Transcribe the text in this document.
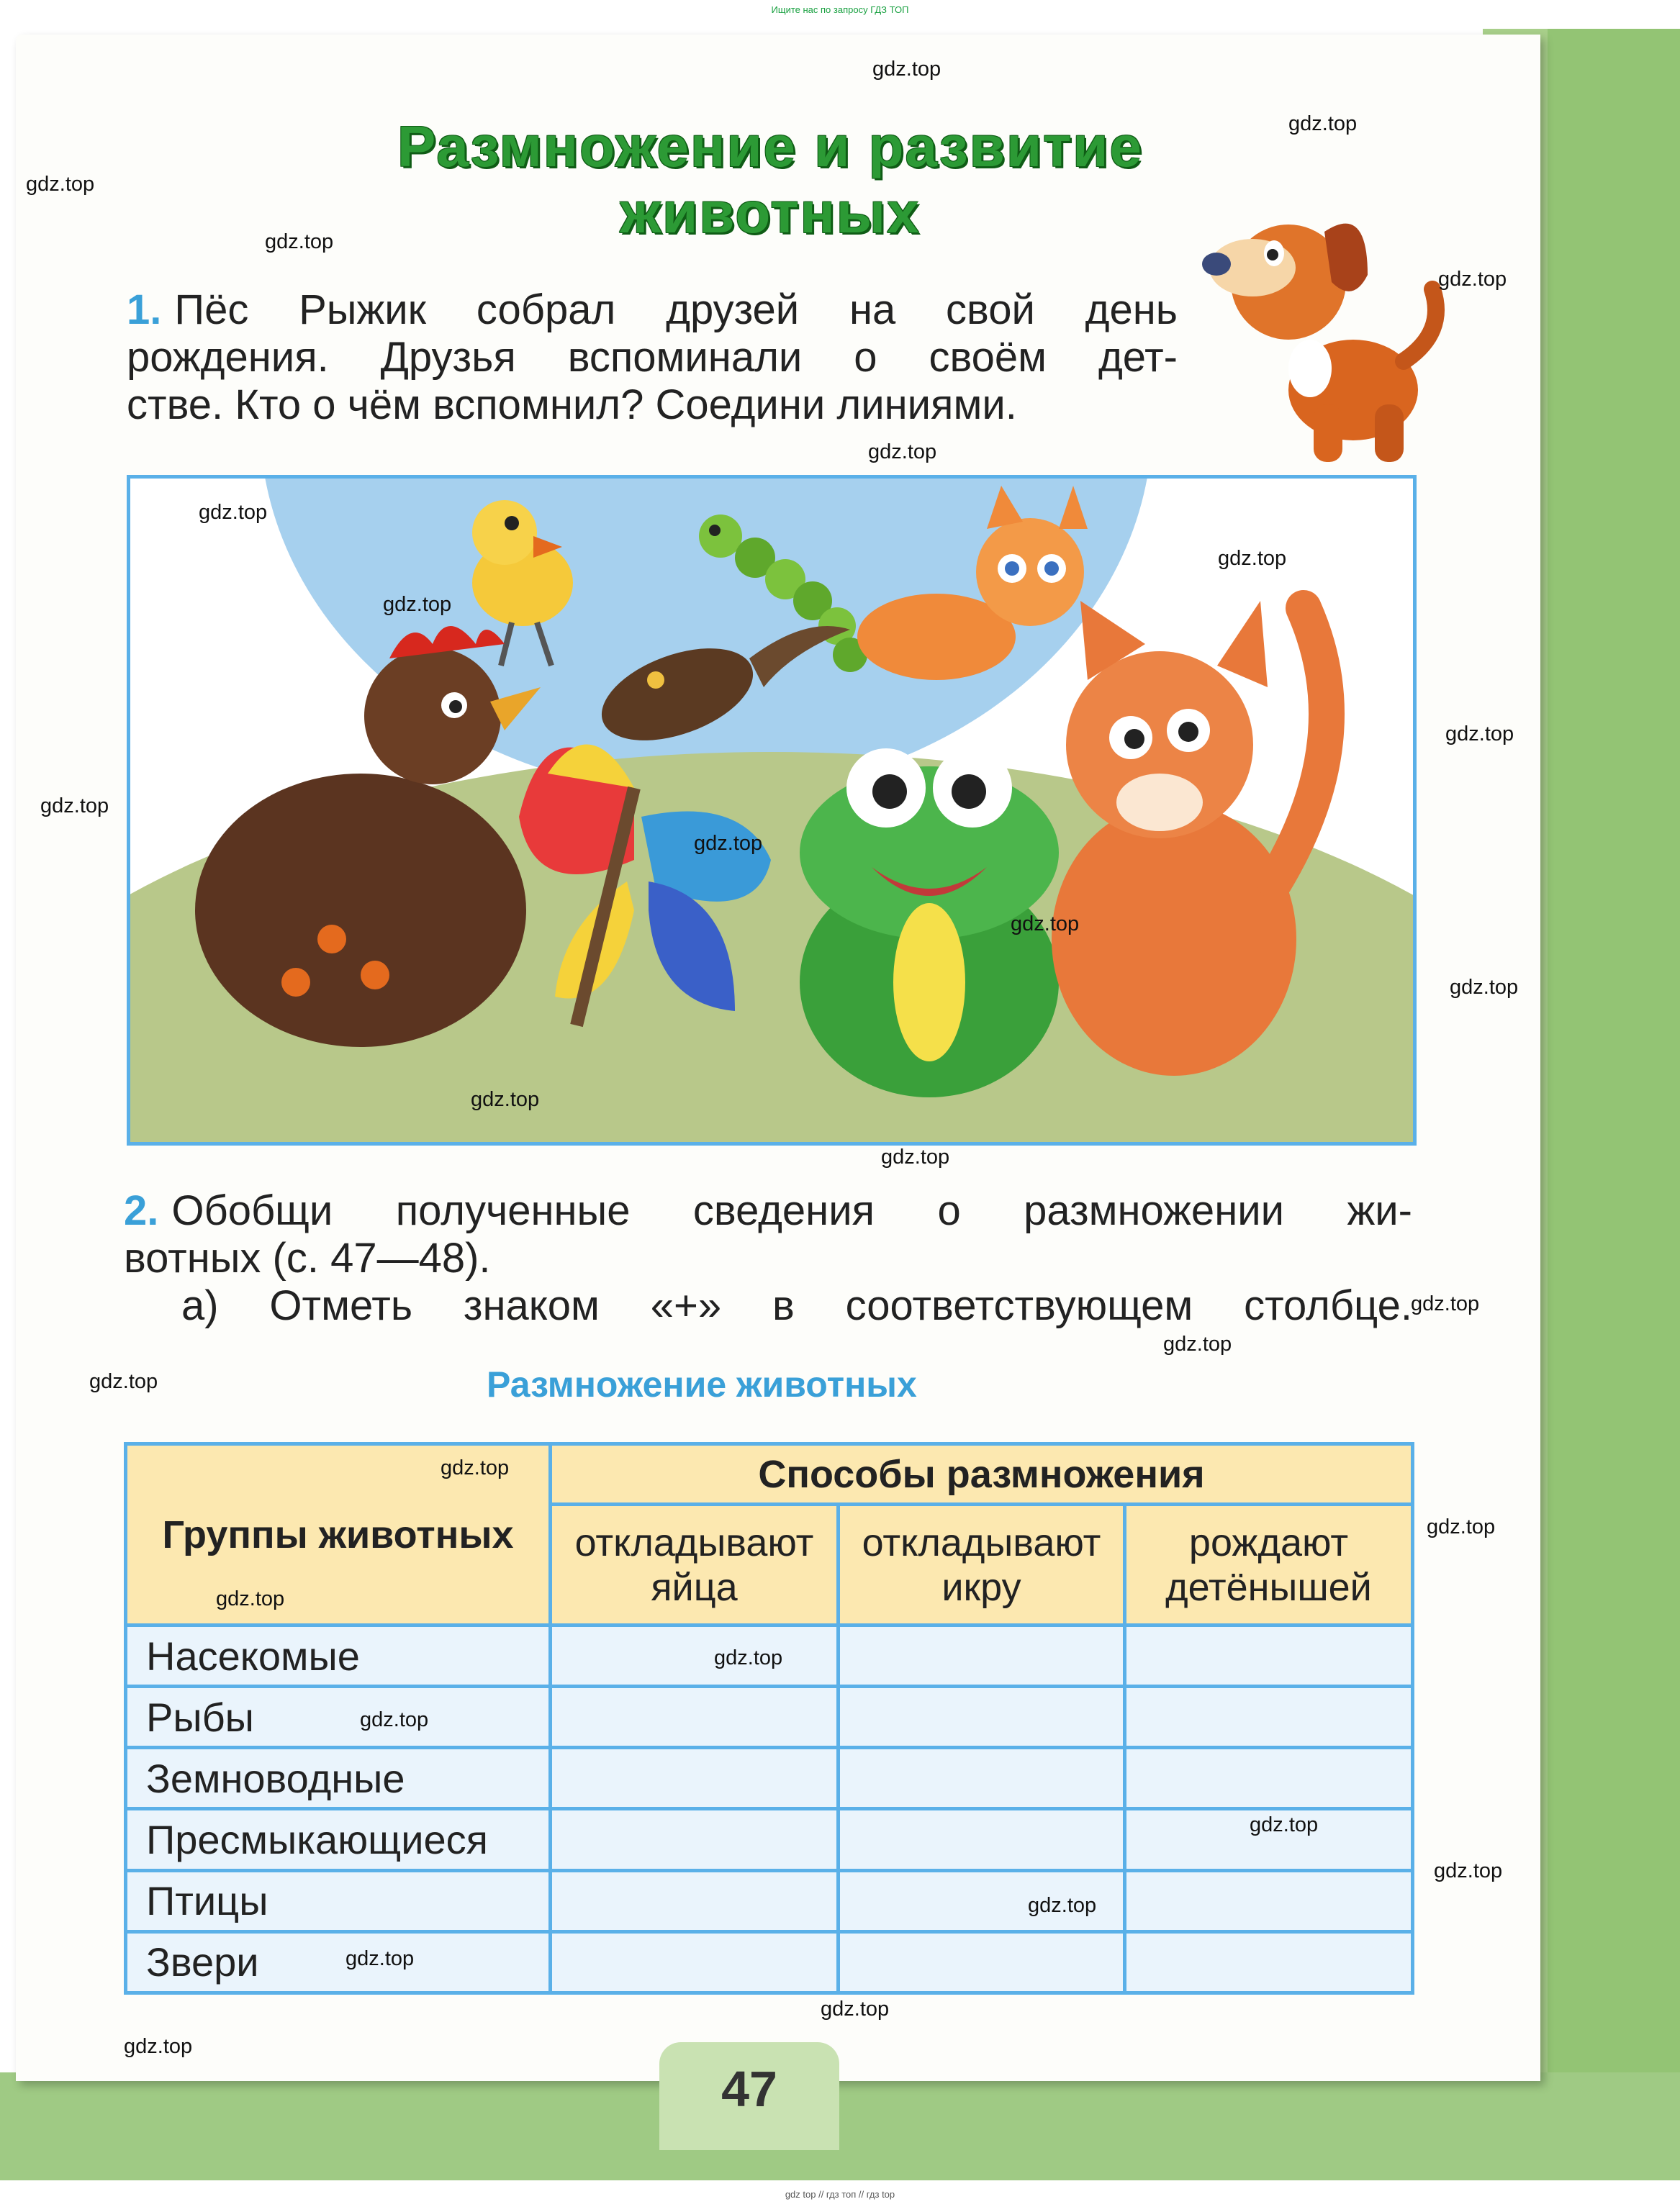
Ищите нас по запросу ГДЗ ТОП
Размножение и развитие
животных
1. Пёс Рыжик собрал друзей на свой день
рождения. Друзья вспоминали о своём дет-
стве. Кто о чём вспомнил? Соедини линиями.
2. Обобщи полученные сведения о размножении жи-
вотных (с. 47—48).
а) Отметь знаком «+» в соответствующем столбце.
Размножение животных
Группы животных	Способы размножения		
	откладывают яйца	откладывают икру	рождают детёнышей
Насекомые			
Рыбы			
Земноводные			
Пресмыкающиеся			
Птицы			
Звери			
47
gdz.top
gdz.top
gdz.top
gdz.top
gdz.top
gdz.top
gdz.top
gdz.top
gdz.top
gdz.top
gdz.top
gdz.top
gdz.top
gdz.top
gdz.top
gdz.top
gdz.top
gdz.top
gdz.top
gdz.top
gdz.top
gdz.top
gdz.top
gdz.top
gdz.top
gdz.top
gdz.top
gdz.top
gdz.top
gdz.top
gdz top // гдз топ // гдз top
